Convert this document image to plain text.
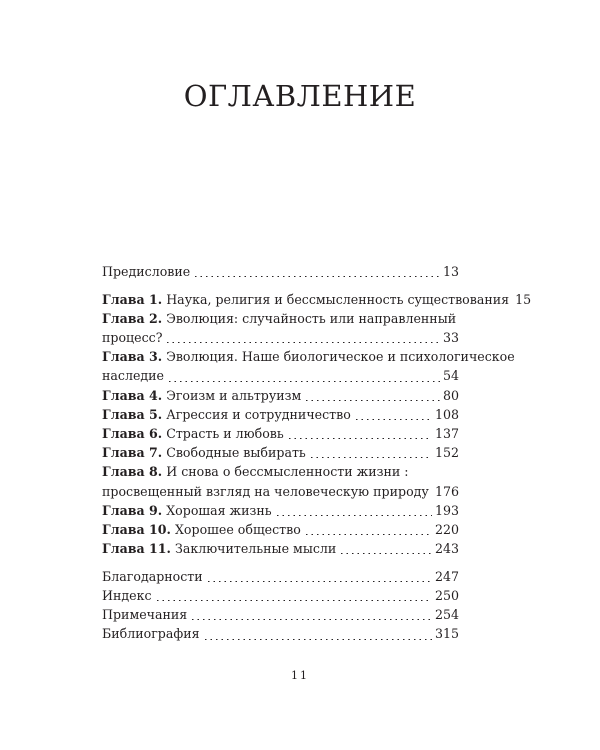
ОГЛАВЛЕНИЕ
Предисловие	13
Глава 1. Наука, религия и бессмысленность существования 15
Глава 2. Эволюция: случайность или направленный
процесс?	33
Глава 3. Эволюция. Наше биологическое и психологическое
наследие	54
Глава 4. Эгоизм и альтруизм	80
Глава 5. Агрессия и сотрудничество	108
Глава 6. Страсть и любовь	137
Глава 7. Свободные выбирать	152
Глава 8. И снова о бессмысленности жизни :
просвещенный взгляд на человеческую природу 176
Глава 9. Хорошая жизнь	193
Глава 10. Хорошее общество	220
Глава 11. Заключительные мысли	243
Благодарности	247
Индекс	250
Примечания	254
Библиография	315
11
